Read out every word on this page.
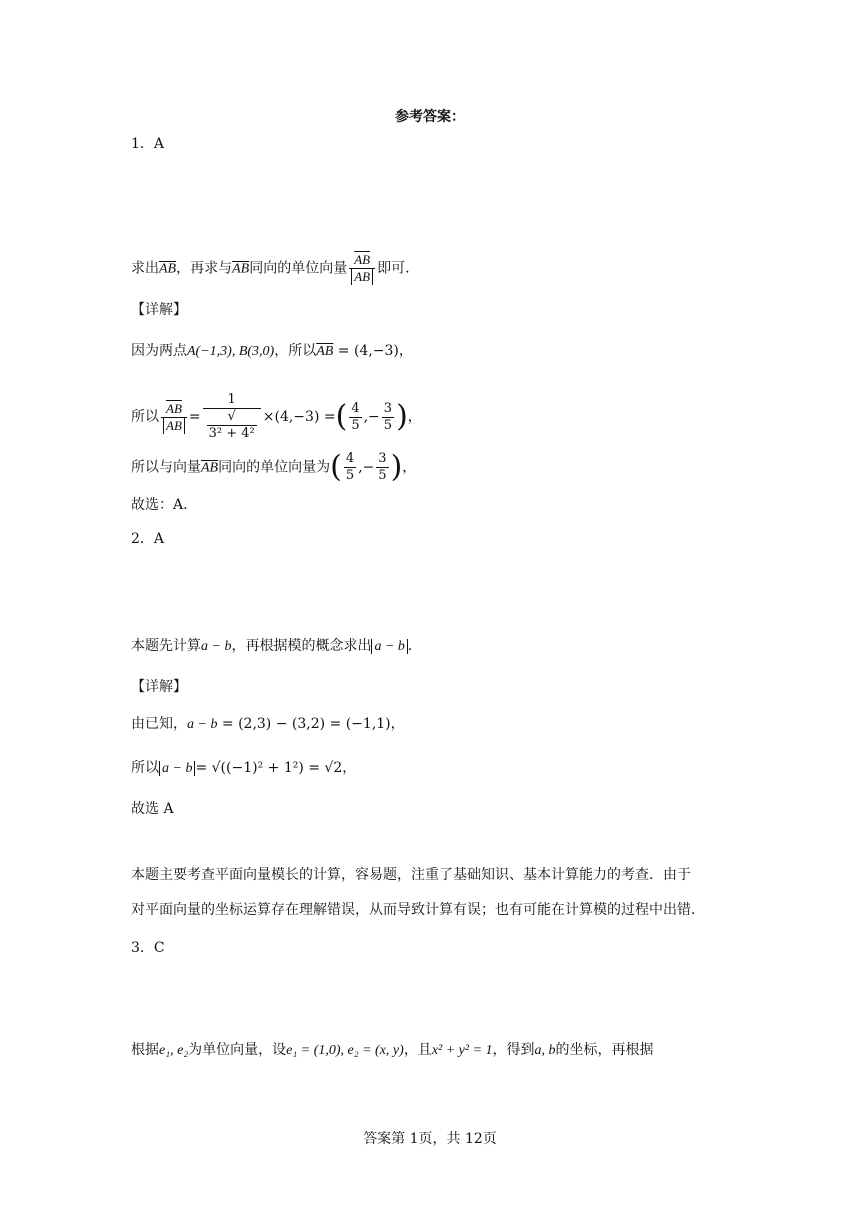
参考答案：
1．A
求出$\overline{AB}$，再求与$\overline{AB}$同向的单位向量 $\frac{\overline{AB}}{AB}$ 即可.
【详解】
因为两点A(−1,3), B(3,0)，所以$\overline{AB} = (4,-3)$，
所以 $\frac{\overline{AB}}{AB} = 1$
√
3² + 4² ×(4,−3) =( $\frac{4}{5}$ ,− $\frac{3}{5}$ )，
所以与向量$\overline{AB}$同向的单位向量为( $\frac{4}{5}$ ,− $\frac{3}{5}$ )，
故选：A.
2．A
本题先计算a − b，再根据模的概念求出 a − b .
【详解】
由已知，a − b = (2,3) − (3,2) = (−1,1)，
所以 a − b = √((−1)² + 1²) = √2，
故选 A
本题主要考查平面向量模长的计算，容易题，注重了基础知识、基本计算能力的考查．由于
对平面向量的坐标运算存在理解错误，从而导致计算有误；也有可能在计算模的过程中出错．
3．C
根据e₁, e₂为单位向量，设e₁ = (1,0), e₂ = (x, y)，且x² + y² = 1，得到a, b的坐标，再根据
答案第 1页，共 12页
